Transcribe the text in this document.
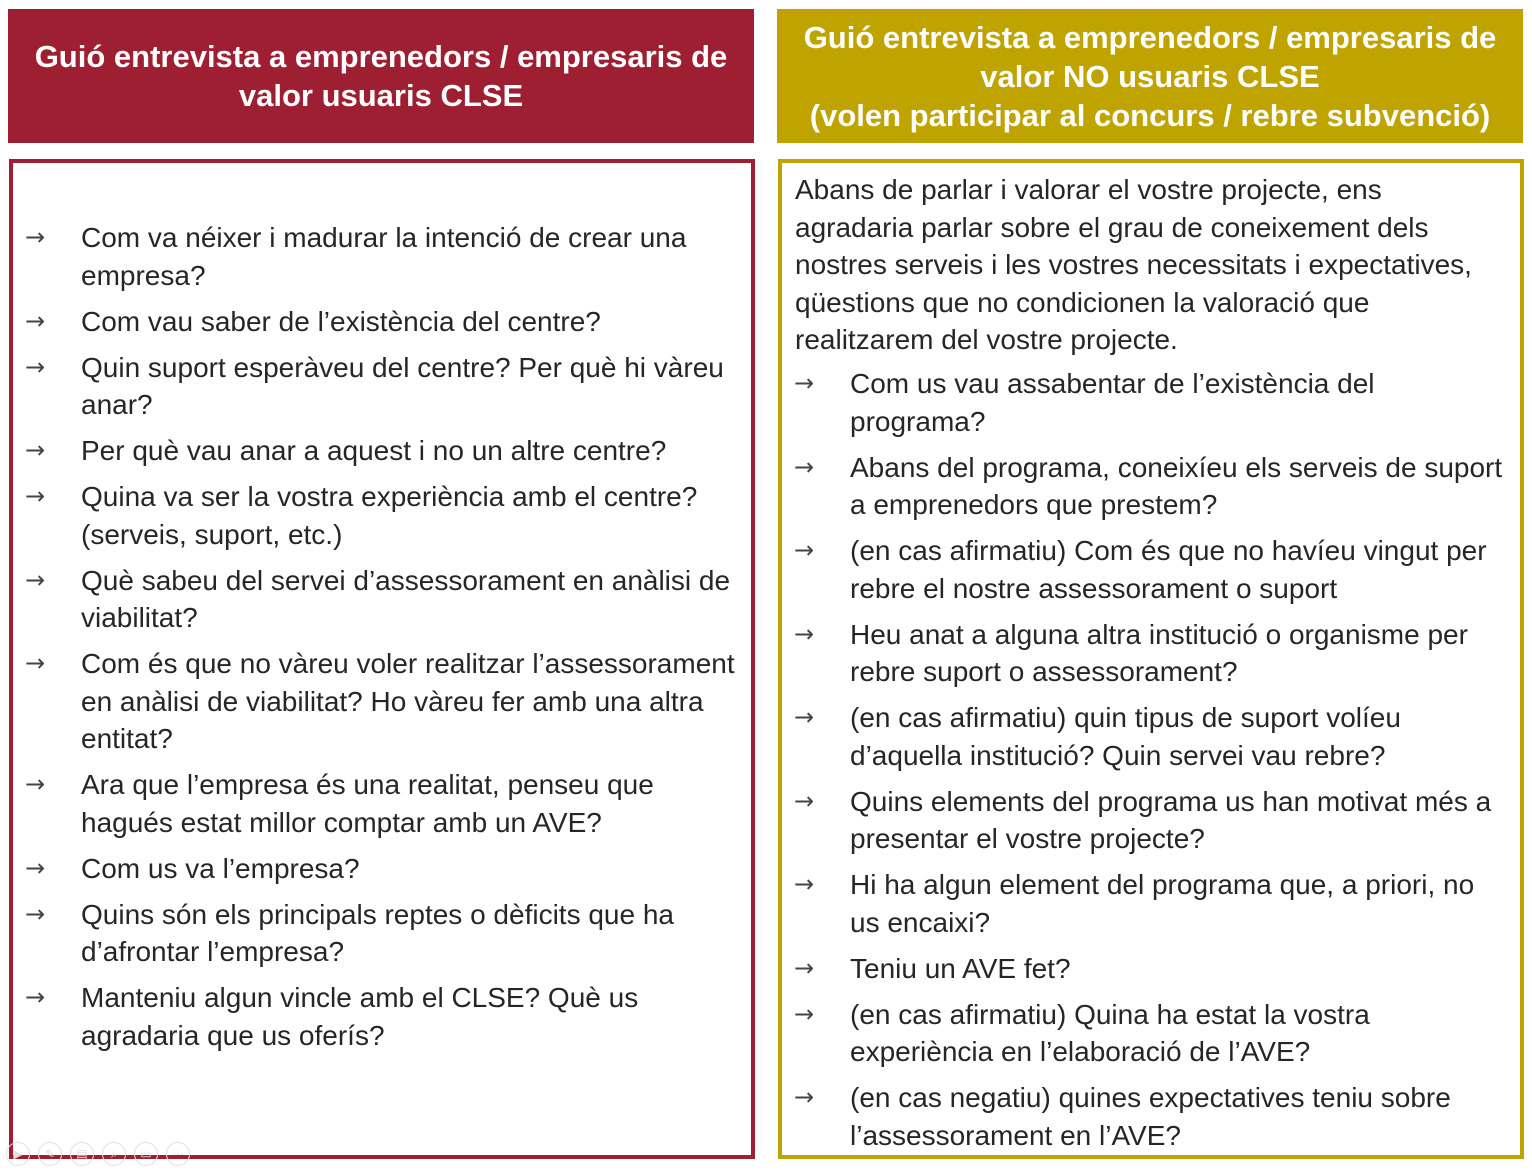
Guió entrevista a emprenedors / empresaris de valor usuaris CLSE
Guió entrevista a emprenedors / empresaris de valor NO usuaris CLSE
(volen participar al concurs / rebre subvenció)
→	Com va néixer i madurar la intenció de crear una empresa?
→	Com vau saber de l’existència del centre?
→	Quin suport esperàveu del centre? Per què hi vàreu anar?
→	Per què vau anar a aquest i no un altre centre?
→	Quina va ser la vostra experiència amb el centre? (serveis, suport, etc.)
→	Què sabeu del servei d’assessorament en anàlisi de viabilitat?
→	Com és que no vàreu voler realitzar l’assessorament en anàlisi de viabilitat? Ho vàreu fer amb una altra entitat?
→	Ara que l’empresa és una realitat, penseu que hagués estat millor comptar amb un AVE?
→	Com us va l’empresa?
→	Quins són els principals reptes o dèficits que ha d’afrontar l’empresa?
→	Manteniu algun vincle amb el CLSE? Què us agradaria que us oferís?

Abans de parlar i valorar el vostre projecte, ens agradaria parlar sobre el grau de coneixement dels nostres serveis i les vostres necessitats i expectatives, qüestions que no condicionen la valoració que realitzarem del vostre projecte.

→	Com us vau assabentar de l’existència del programa?
→	Abans del programa, coneixíeu els serveis de suport a emprenedors que prestem?
→	(en cas afirmatiu) Com és que no havíeu vingut per rebre el nostre assessorament o suport
→	Heu anat a alguna altra institució o organisme per rebre suport o assessorament?
→	(en cas afirmatiu) quin tipus de suport volíeu d’aquella institució? Quin servei vau rebre?
→	Quins elements del programa us han motivat més a presentar el vostre projecte?
→	Hi ha algun element del programa que, a priori, no us encaixi?
→	Teniu un AVE fet?
→	(en cas afirmatiu) Quina ha estat la vostra experiència en l’elaboració de l’AVE?
→	(en cas negatiu) quines expectatives teniu sobre l’assessorament en l’AVE?
▶	✎	▤	⌕	▭	⋯
